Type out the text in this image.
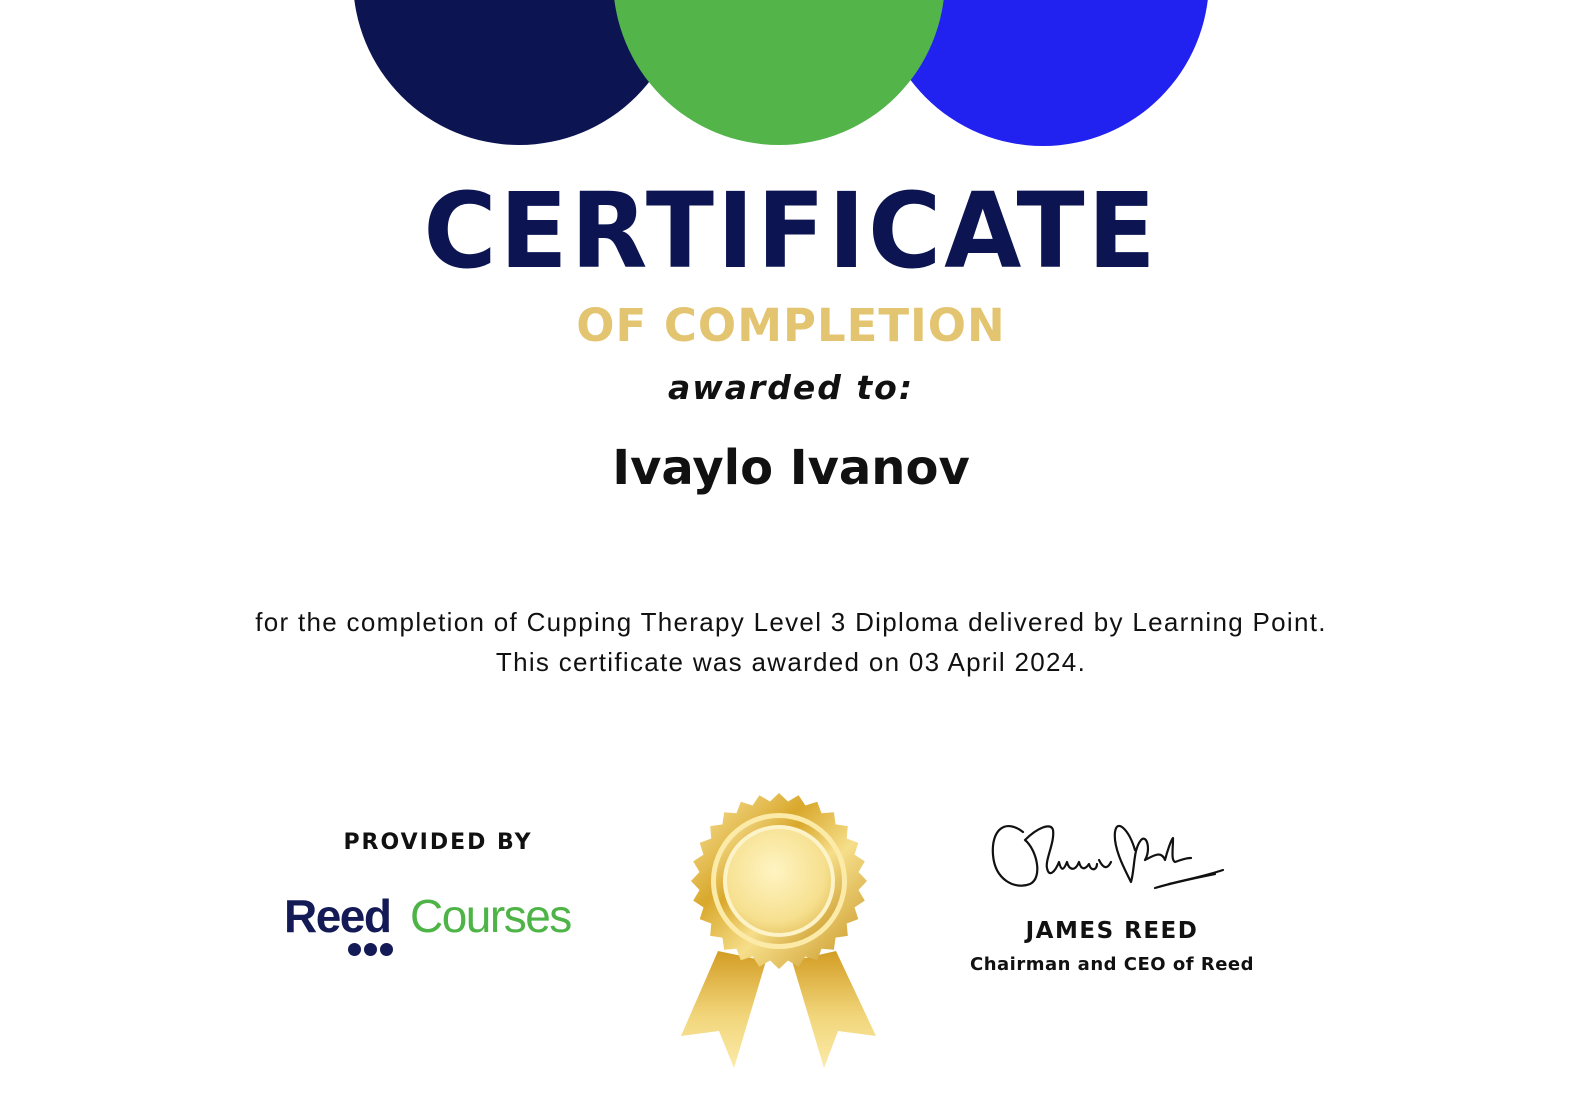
CERTIFICATE
OF COMPLETION
awarded to:
Ivaylo Ivanov
for the completion of Cupping Therapy Level 3 Diploma delivered by Learning Point.
This certificate was awarded on 03 April 2024.
PROVIDED BY
Reed Courses	JAMES REED
Chairman and CEO of Reed
